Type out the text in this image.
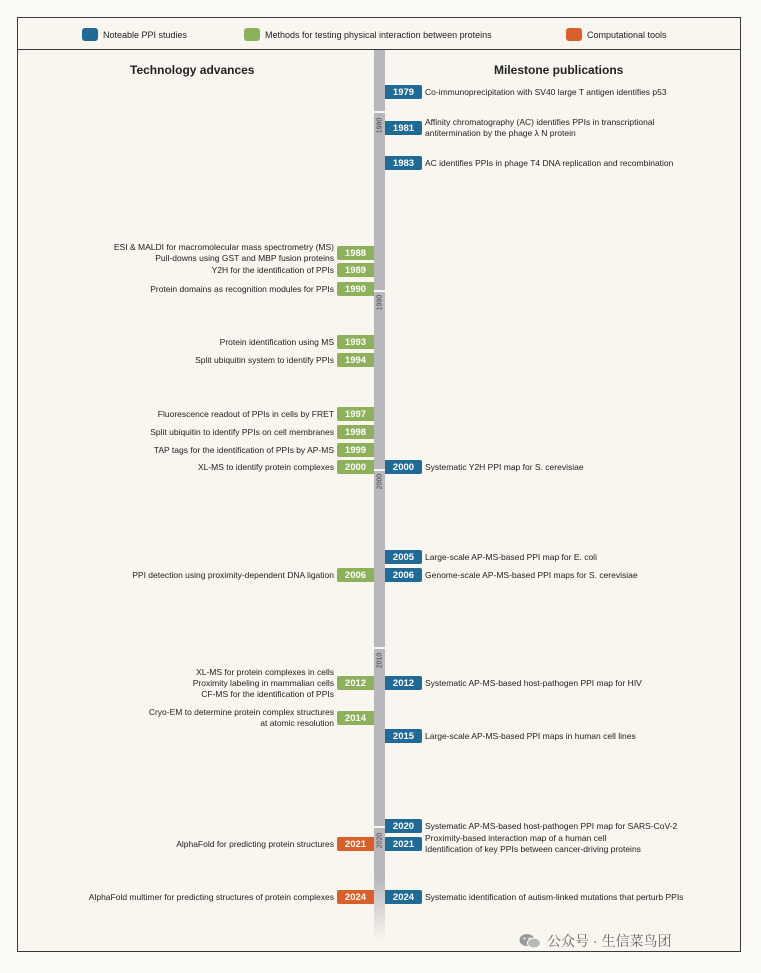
Noteable PPI studies	Methods for testing physical interaction between proteins	Computational tools
Technology advances	Milestone publications
1980
1990
2000
2010
2020
1988
ESI & MALDI for macromolecular mass spectrometry (MS)
Pull-downs using GST and MBP fusion proteins
1989
Y2H for the identification of PPIs
1990
Protein domains as recognition modules for PPIs
1993
Protein identification using MS
1994
Split ubiquitin system to identify PPIs
1997
Fluorescence readout of PPIs in cells by FRET
1998
Split ubiquitin to identify PPIs on cell membranes
1999
TAP tags for the identification of PPIs by AP-MS
2000
XL-MS to identify protein complexes
2006
PPI detection using proximity-dependent DNA ligation
2012
XL-MS for protein complexes in cells
Proximity labeling in mammalian cells
CF-MS for the identification of PPIs
2014
Cryo-EM to determine protein complex structures
at atomic resolution
2021
AlphaFold for predicting protein structures
2024
AlphaFold multimer for predicting structures of protein complexes
1979	Co-immunoprecipitation with SV40 large T antigen identifies p53
1981
Affinity chromatography (AC) identifies PPIs in transcriptional
antitermination by the phage λ N protein
1983	AC identifies PPIs in phage T4 DNA replication and recombination
2000	Systematic Y2H PPI map for S. cerevisiae
2005	Large-scale AP-MS-based PPI map for E. coli
2006	Genome-scale AP-MS-based PPI maps for S. cerevisiae
2012	Systematic AP-MS-based host-pathogen PPI map for HIV
2015	Large-scale AP-MS-based PPI maps in human cell lines
2020	Systematic AP-MS-based host-pathogen PPI map for SARS-CoV-2
2021
Proximity-based interaction map of a human cell
Identification of key PPIs between cancer-driving proteins
2024	Systematic identification of autism-linked mutations that perturb PPIs
公众号 · 生信菜鸟团
